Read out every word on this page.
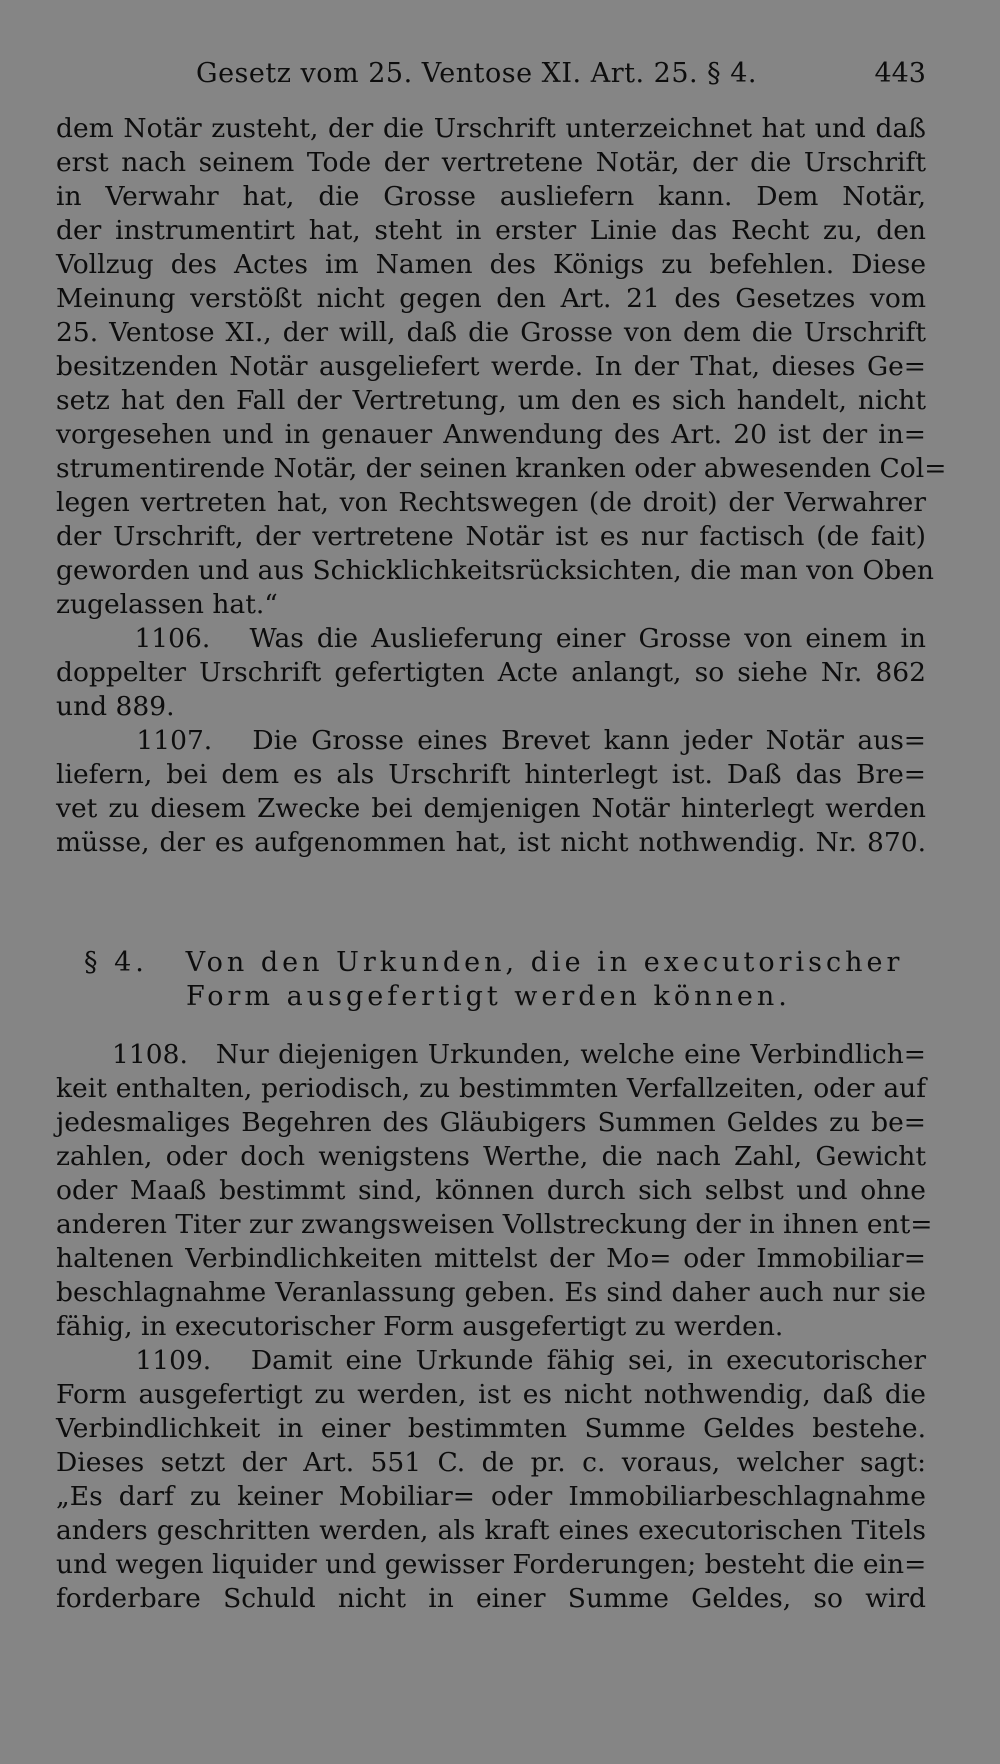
Gesetz vom 25. Ventose XI. Art. 25. § 4.	443
dem Notär zusteht, der die Urschrift unterzeichnet hat und daß
erst nach seinem Tode der vertretene Notär, der die Urschrift
in Verwahr hat, die Grosse ausliefern kann. Dem Notär,
der instrumentirt hat, steht in erster Linie das Recht zu, den
Vollzug des Actes im Namen des Königs zu befehlen. Diese
Meinung verstößt nicht gegen den Art. 21 des Gesetzes vom
25. Ventose XI., der will, daß die Grosse von dem die Urschrift
besitzenden Notär ausgeliefert werde. In der That, dieses Ge=
setz hat den Fall der Vertretung, um den es sich handelt, nicht
vorgesehen und in genauer Anwendung des Art. 20 ist der in=
strumentirende Notär, der seinen kranken oder abwesenden Col=
legen vertreten hat, von Rechtswegen (de droit) der Verwahrer
der Urschrift, der vertretene Notär ist es nur factisch (de fait)
geworden und aus Schicklichkeitsrücksichten, die man von Oben
zugelassen hat.“
1106.   Was die Auslieferung einer Grosse von einem in
doppelter Urschrift gefertigten Acte anlangt, so siehe Nr. 862
und 889.
1107.   Die Grosse eines Brevet kann jeder Notär aus=
liefern, bei dem es als Urschrift hinterlegt ist. Daß das Bre=
vet zu diesem Zwecke bei demjenigen Notär hinterlegt werden
müsse, der es aufgenommen hat, ist nicht nothwendig. Nr. 870.
§ 4.   Von den Urkunden, die in executorischer
Form ausgefertigt werden können.
1108.   Nur diejenigen Urkunden, welche eine Verbindlich=
keit enthalten, periodisch, zu bestimmten Verfallzeiten, oder auf
jedesmaliges Begehren des Gläubigers Summen Geldes zu be=
zahlen, oder doch wenigstens Werthe, die nach Zahl, Gewicht
oder Maaß bestimmt sind, können durch sich selbst und ohne
anderen Titer zur zwangsweisen Vollstreckung der in ihnen ent=
haltenen Verbindlichkeiten mittelst der Mo= oder Immobiliar=
beschlagnahme Veranlassung geben. Es sind daher auch nur sie
fähig, in executorischer Form ausgefertigt zu werden.
1109.   Damit eine Urkunde fähig sei, in executorischer
Form ausgefertigt zu werden, ist es nicht nothwendig, daß die
Verbindlichkeit in einer bestimmten Summe Geldes bestehe.
Dieses setzt der Art. 551 C. de pr. c. voraus, welcher sagt:
„Es darf zu keiner Mobiliar= oder Immobiliarbeschlagnahme
anders geschritten werden, als kraft eines executorischen Titels
und wegen liquider und gewisser Forderungen; besteht die ein=
forderbare Schuld nicht in einer Summe Geldes, so wird
